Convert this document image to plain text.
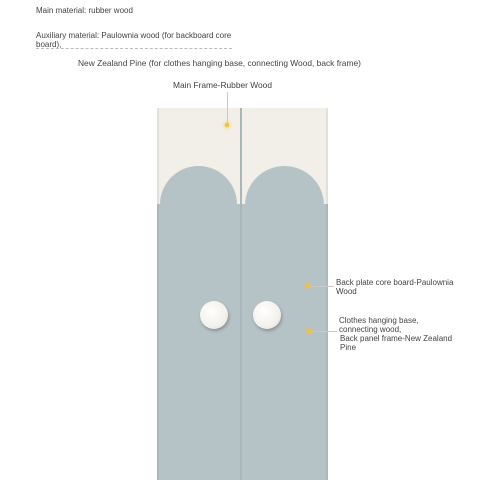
Main material: rubber wood
Auxiliary material: Paulownia wood (for backboard core board),
New Zealand Pine (for clothes hanging base, connecting Wood, back frame)
Main Frame-Rubber Wood
Back plate core board-Paulownia Wood
Clothes hanging base, connecting wood,
Back panel frame-New Zealand Pine
